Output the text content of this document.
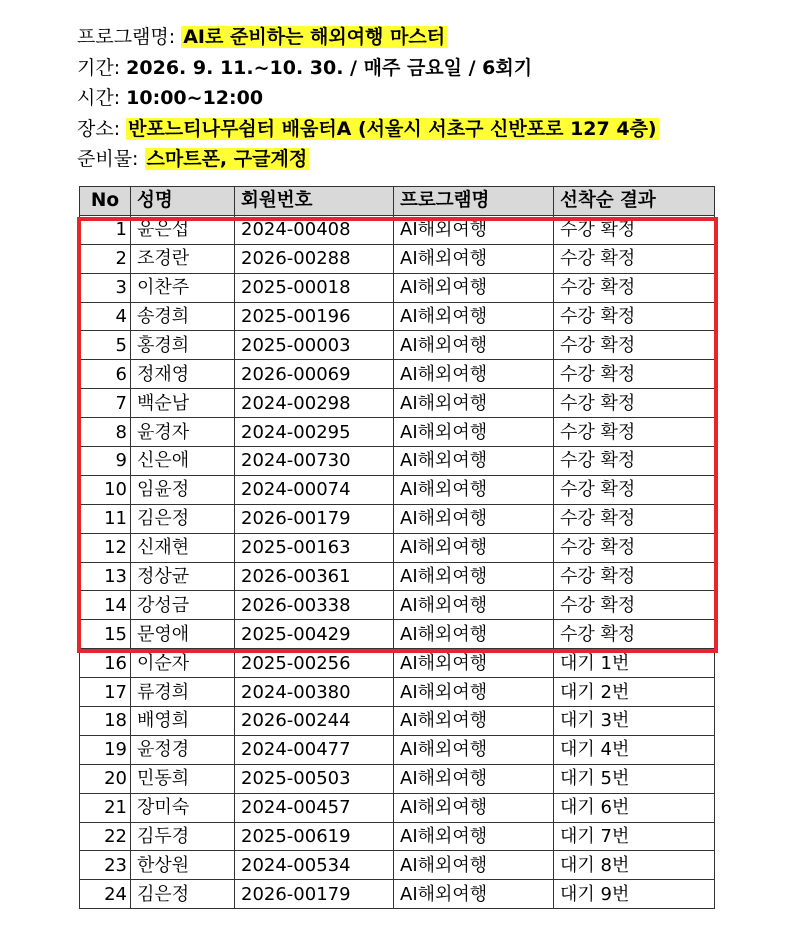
프로그램명: AI로 준비하는 해외여행 마스터
기간: 2026. 9. 11.~10. 30. / 매주 금요일 / 6회기
시간: 10:00~12:00
장소: 반포느티나무쉼터 배움터A (서울시 서초구 신반포로 127 4층)
준비물: 스마트폰, 구글계정
No	성명	회원번호	프로그램명	선착순 결과
1	윤은섭	2024-00408	AI해외여행	수강 확정
2	조경란	2026-00288	AI해외여행	수강 확정
3	이찬주	2025-00018	AI해외여행	수강 확정
4	송경희	2025-00196	AI해외여행	수강 확정
5	홍경희	2025-00003	AI해외여행	수강 확정
6	정재영	2026-00069	AI해외여행	수강 확정
7	백순남	2024-00298	AI해외여행	수강 확정
8	윤경자	2024-00295	AI해외여행	수강 확정
9	신은애	2024-00730	AI해외여행	수강 확정
10	임윤정	2024-00074	AI해외여행	수강 확정
11	김은정	2026-00179	AI해외여행	수강 확정
12	신재현	2025-00163	AI해외여행	수강 확정
13	정상균	2026-00361	AI해외여행	수강 확정
14	강성금	2026-00338	AI해외여행	수강 확정
15	문영애	2025-00429	AI해외여행	수강 확정
16	이순자	2025-00256	AI해외여행	대기 1번
17	류경희	2024-00380	AI해외여행	대기 2번
18	배영희	2026-00244	AI해외여행	대기 3번
19	윤정경	2024-00477	AI해외여행	대기 4번
20	민동희	2025-00503	AI해외여행	대기 5번
21	장미숙	2024-00457	AI해외여행	대기 6번
22	김두경	2025-00619	AI해외여행	대기 7번
23	한상원	2024-00534	AI해외여행	대기 8번
24	김은정	2026-00179	AI해외여행	대기 9번
